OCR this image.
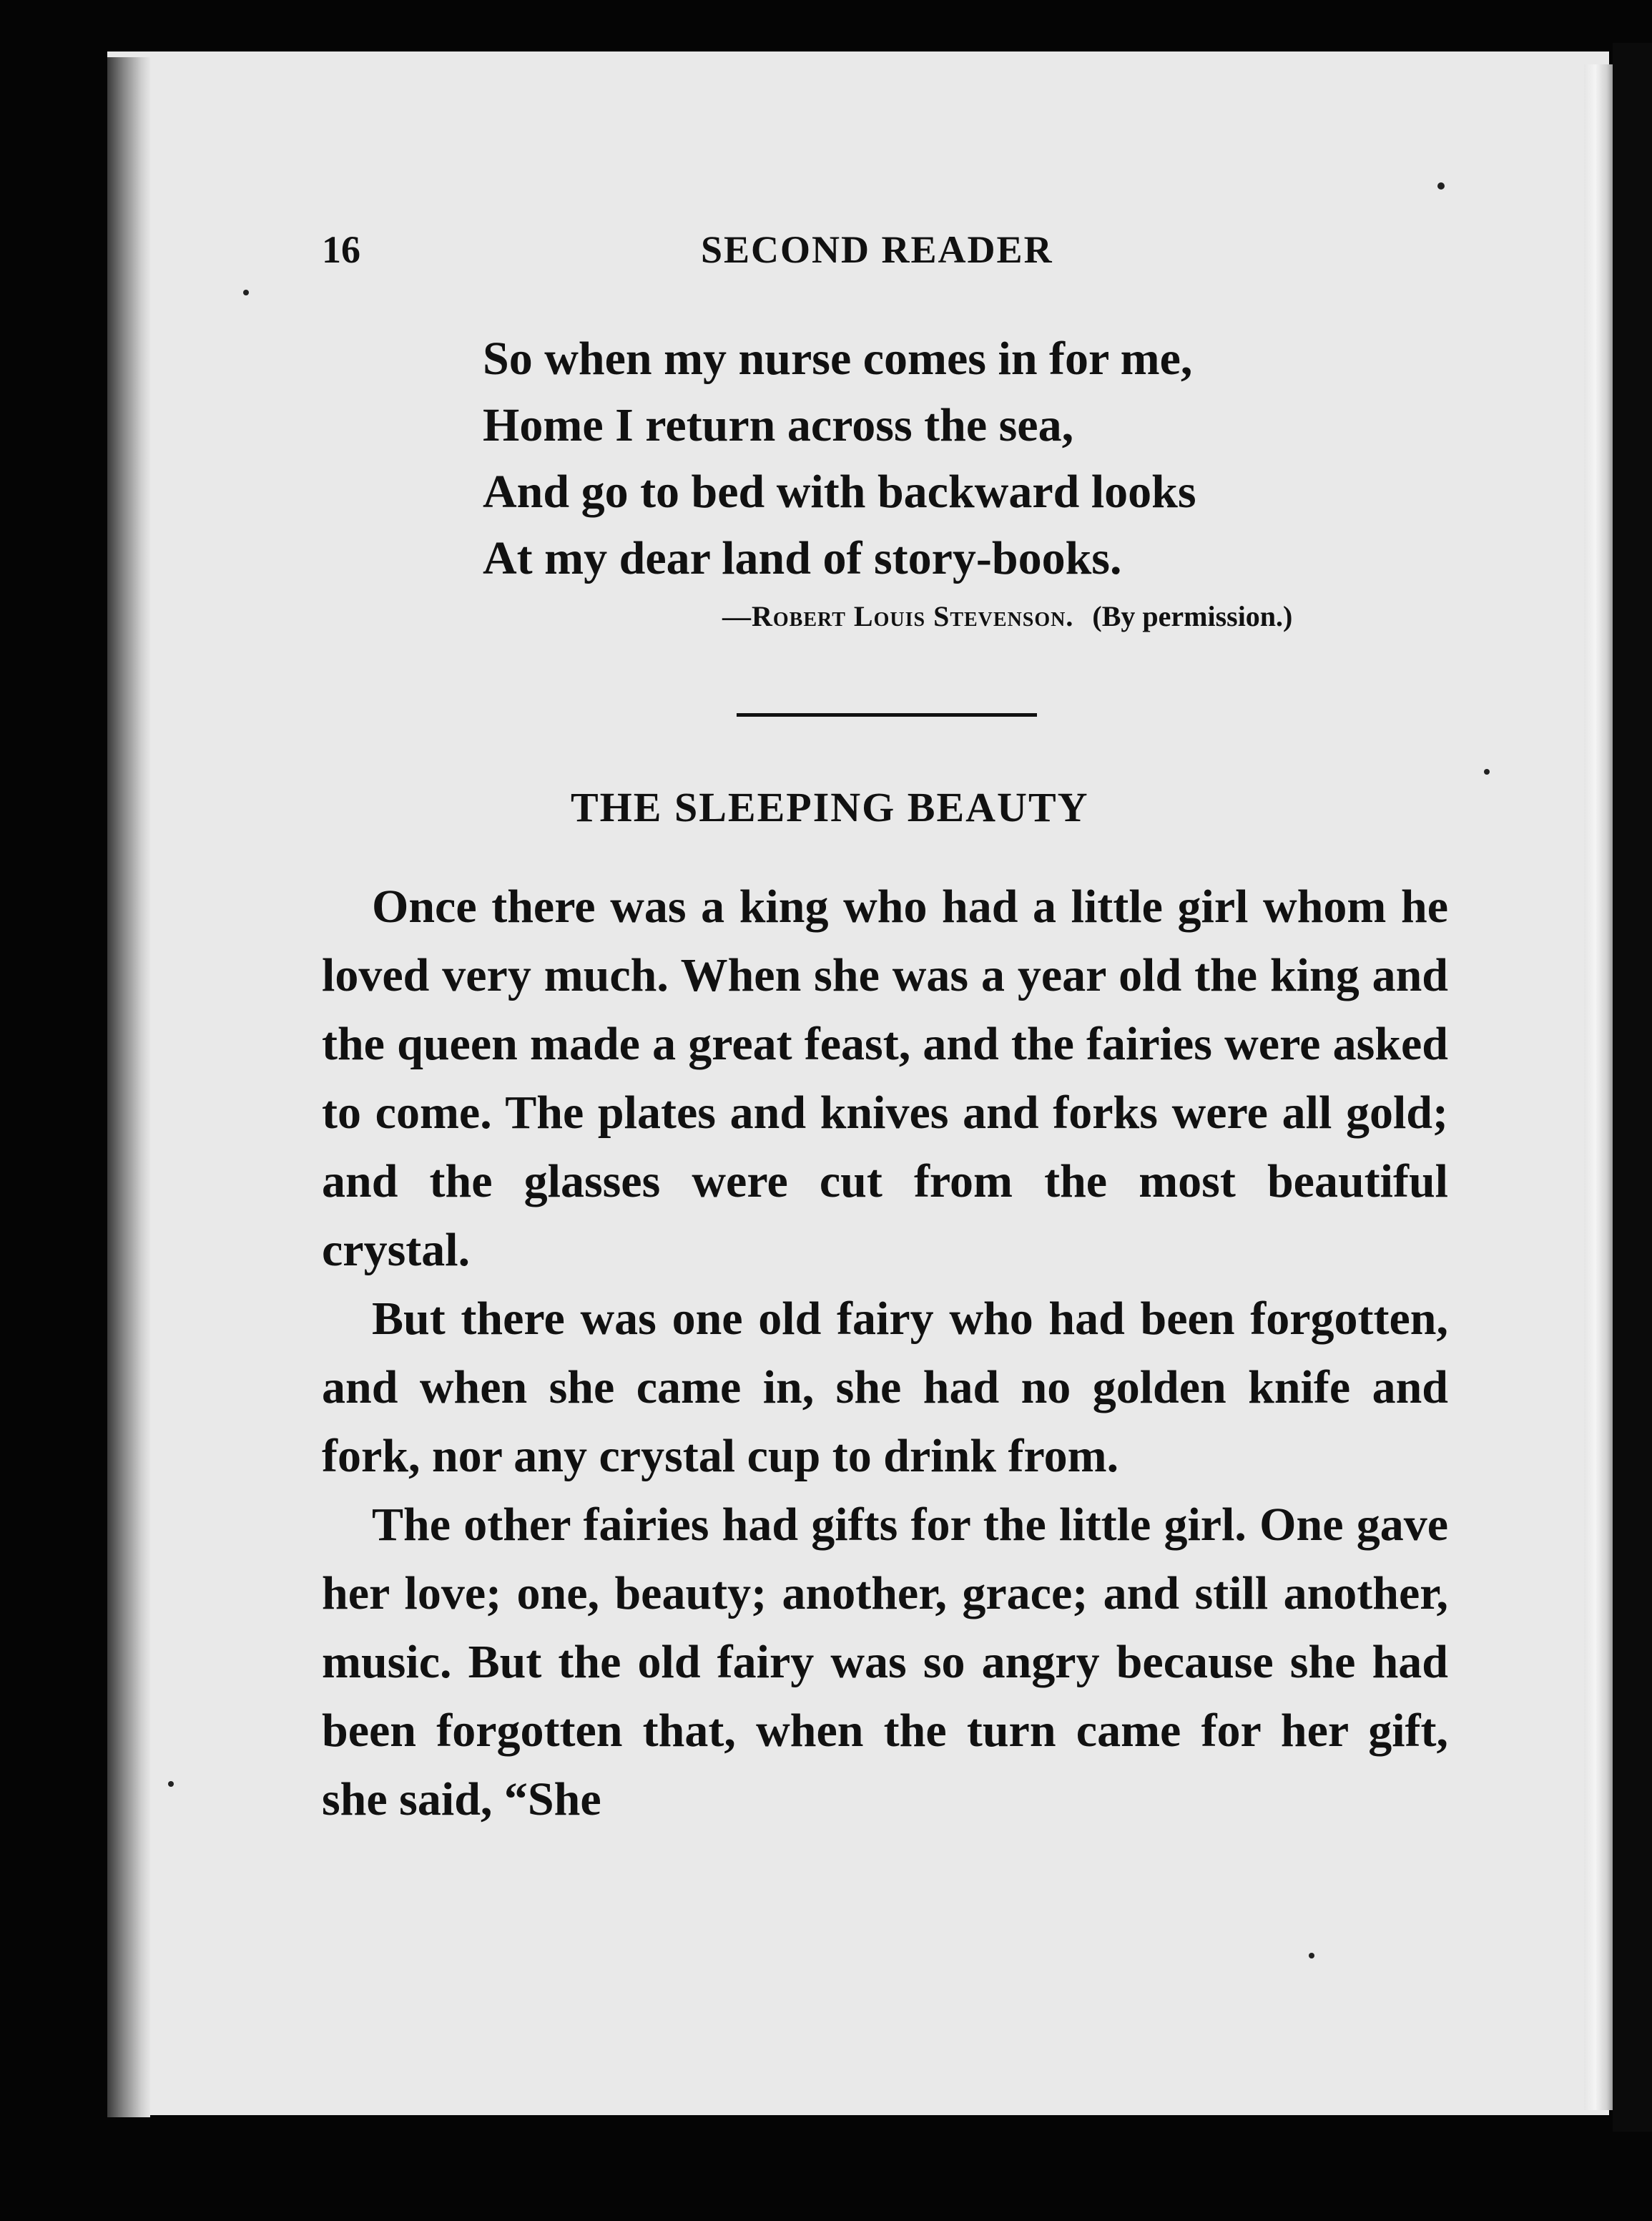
16	SECOND READER
So when my nurse comes in for me,
Home I return across the sea,
And go to bed with backward looks
At my dear land of story-books.
—Robert Louis Stevenson. (By permission.)
THE SLEEPING BEAUTY

Once there was a king who had a little girl whom he loved very much. When she was a year old the king and the queen made a great feast, and the fairies were asked to come. The plates and knives and forks were all gold; and the glasses were cut from the most beautiful crystal.

But there was one old fairy who had been forgotten, and when she came in, she had no golden knife and fork, nor any crystal cup to drink from.

The other fairies had gifts for the little girl. One gave her love; one, beauty; another, grace; and still another, music. But the old fairy was so angry because she had been forgotten that, when the turn came for her gift, she said, “She
